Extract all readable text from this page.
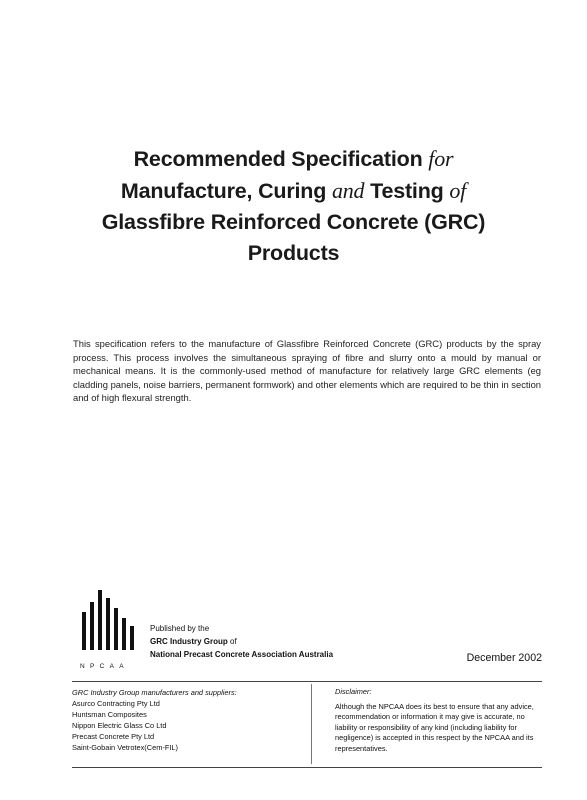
Recommended Specification for
Manufacture, Curing and Testing of
Glassfibre Reinforced Concrete (GRC)
Products
This specification refers to the manufacture of Glassfibre Reinforced Concrete (GRC) products by the spray process. This process involves the simultaneous spraying of fibre and slurry onto a mould by manual or mechanical means. It is the commonly-used method of manufacture for relatively large GRC elements (eg cladding panels, noise barriers, permanent formwork) and other elements which are required to be thin in section and of high flexural strength.
NPCAA
Published by the
GRC Industry Group of
National Precast Concrete Association Australia	December 2002
GRC Industry Group manufacturers and suppliers:
Asurco Contracting Pty Ltd
Huntsman Composites
Nippon Electric Glass Co Ltd
Precast Concrete Pty Ltd
Saint-Gobain Vetrotex(Cem-FIL)
Disclaimer:
Although the NPCAA does its best to ensure that any advice, recommendation or information it may give is accurate, no liability or responsibility of any kind (including liability for negligence) is accepted in this respect by the NPCAA and its representatives.
